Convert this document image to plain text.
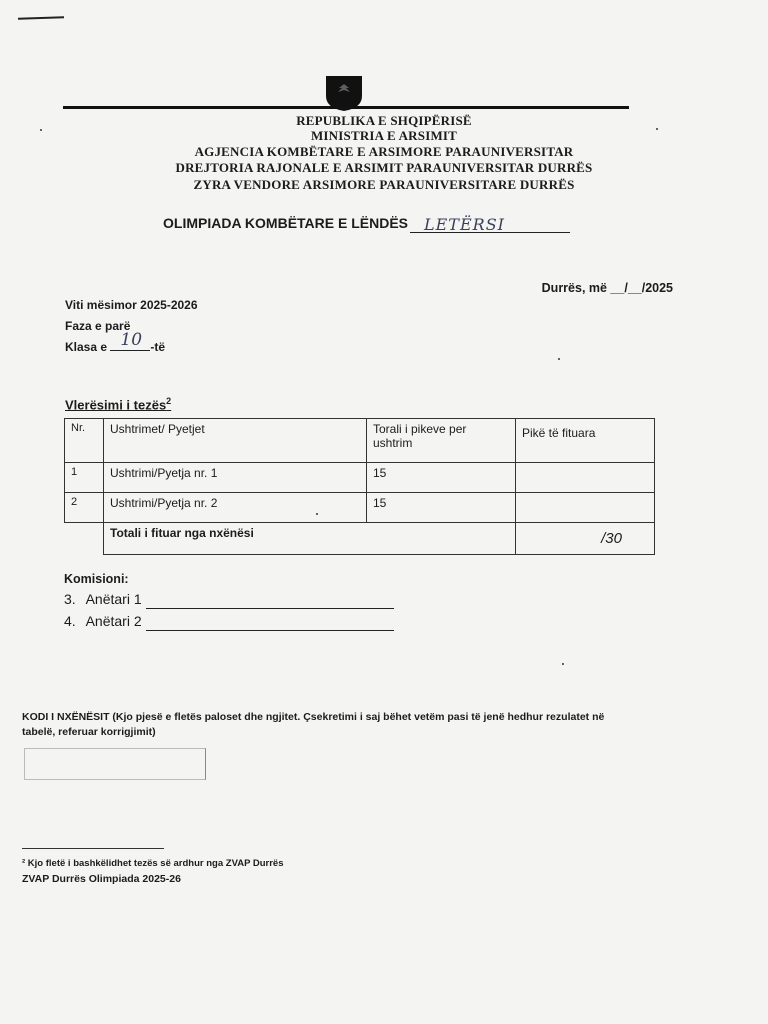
REPUBLIKA E SHQIPËRISË
MINISTRIA E ARSIMIT
AGJENCIA KOMBËTARE E ARSIMORE PARAUNIVERSITAR
DREJTORIA RAJONALE E ARSIMIT PARAUNIVERSITAR DURRËS
ZYRA VENDORE ARSIMORE PARAUNIVERSITARE DURRËS
OLIMPIADA KOMBËTARE E LËNDËS LETËRSI
Durrës, më __/__/2025
Viti mësimor 2025-2026
Faza e parë
Klasa e 10 -të
Vlerësimi i tezës$^2$
Nr.	Ushtrimet/ Pyetjet	Torali i pikeve per ushtrim	Pikë të fituara
1	Ushtrimi/Pyetja nr. 1	15	
2	Ushtrimi/Pyetja nr. 2	15	
	Totali i fituar nga nxënësi		/30
Komisioni:
3. Anëtari 1
4. Anëtari 2
KODI I NXËNËSIT (Kjo pjesë e fletës paloset dhe ngjitet. Çsekretimi i saj bëhet vetëm pasi të jenë hedhur rezulatet në
tabelë, referuar korrigjimit)
² Kjo fletë i bashkëlidhet tezës së ardhur nga ZVAP Durrës
ZVAP Durrës Olimpiada 2025-26
